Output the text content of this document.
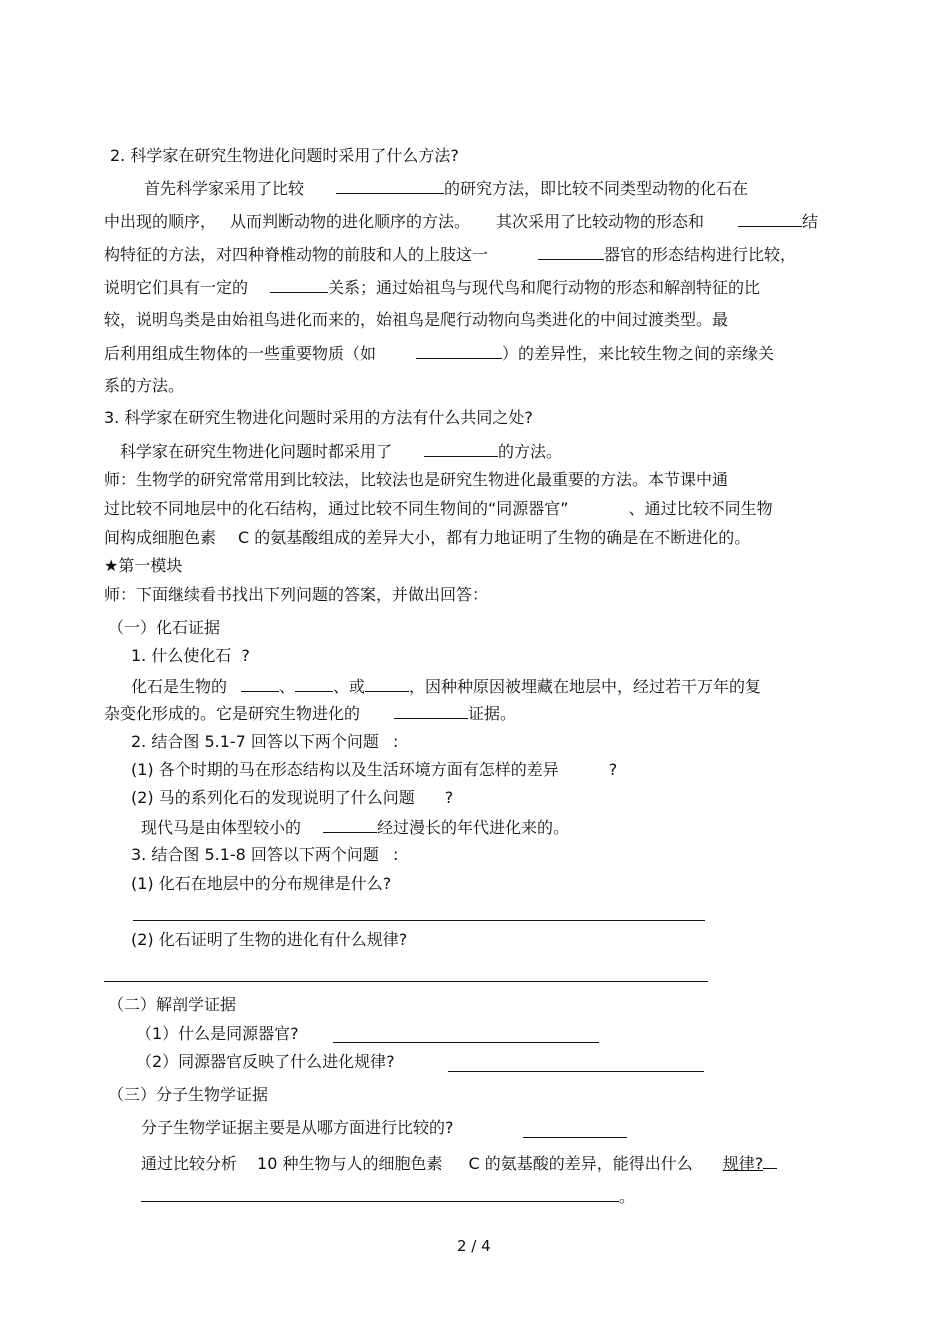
2. 科学家在研究生物进化问题时采用了什么方法?
首先科学家采用了比较	的研究方法，即比较不同类型动物的化石在
中出现的顺序， 从而判断动物的进化顺序的方法。 其次采用了比较动物的形态和	结
构特征的方法，对四种脊椎动物的前肢和人的上肢这一	器官的形态结构进行比较，
说明它们具有一定的	关系；通过始祖鸟与现代鸟和爬行动物的形态和解剖特征的比
较，说明鸟类是由始祖鸟进化而来的，始祖鸟是爬行动物向鸟类进化的中间过渡类型。最
后利用组成生物体的一些重要物质（如	）的差异性，来比较生物之间的亲缘关
系的方法。
3. 科学家在研究生物进化问题时采用的方法有什么共同之处?
科学家在研究生物进化问题时都采用了	的方法。
师：生物学的研究常常用到比较法，比较法也是研究生物进化最重要的方法。本节课中通
过比较不同地层中的化石结构，通过比较不同生物间的“同源器官”	、通过比较不同生物
间构成细胞色素 C 的氨基酸组成的差异大小，都有力地证明了生物的确是在不断进化的。
★第一模块
师：下面继续看书找出下列问题的答案，并做出回答：
（一）化石证据
1. 什么使化石 ?
化石是生物的	、 、或	，因种种原因被埋藏在地层中，经过若干万年的复
杂变化形成的。它是研究生物进化的	证据。
2. 结合图 5.1-7 回答以下两个问题 :
(1) 各个时期的马在形态结构以及生活环境方面有怎样的差异	?
(2) 马的系列化石的发现说明了什么问题 ?
现代马是由体型较小的	经过漫长的年代进化来的。
3. 结合图 5.1-8 回答以下两个问题 :
(1) 化石在地层中的分布规律是什么?
(2) 化石证明了生物的进化有什么规律?
（二）解剖学证据
（1）什么是同源器官?
（2）同源器官反映了什么进化规律?
（三）分子生物学证据
分子生物学证据主要是从哪方面进行比较的?
通过比较分析 10 种生物与人的细胞色素 C 的氨基酸的差异，能得出什么 规律?
。
2 / 4
